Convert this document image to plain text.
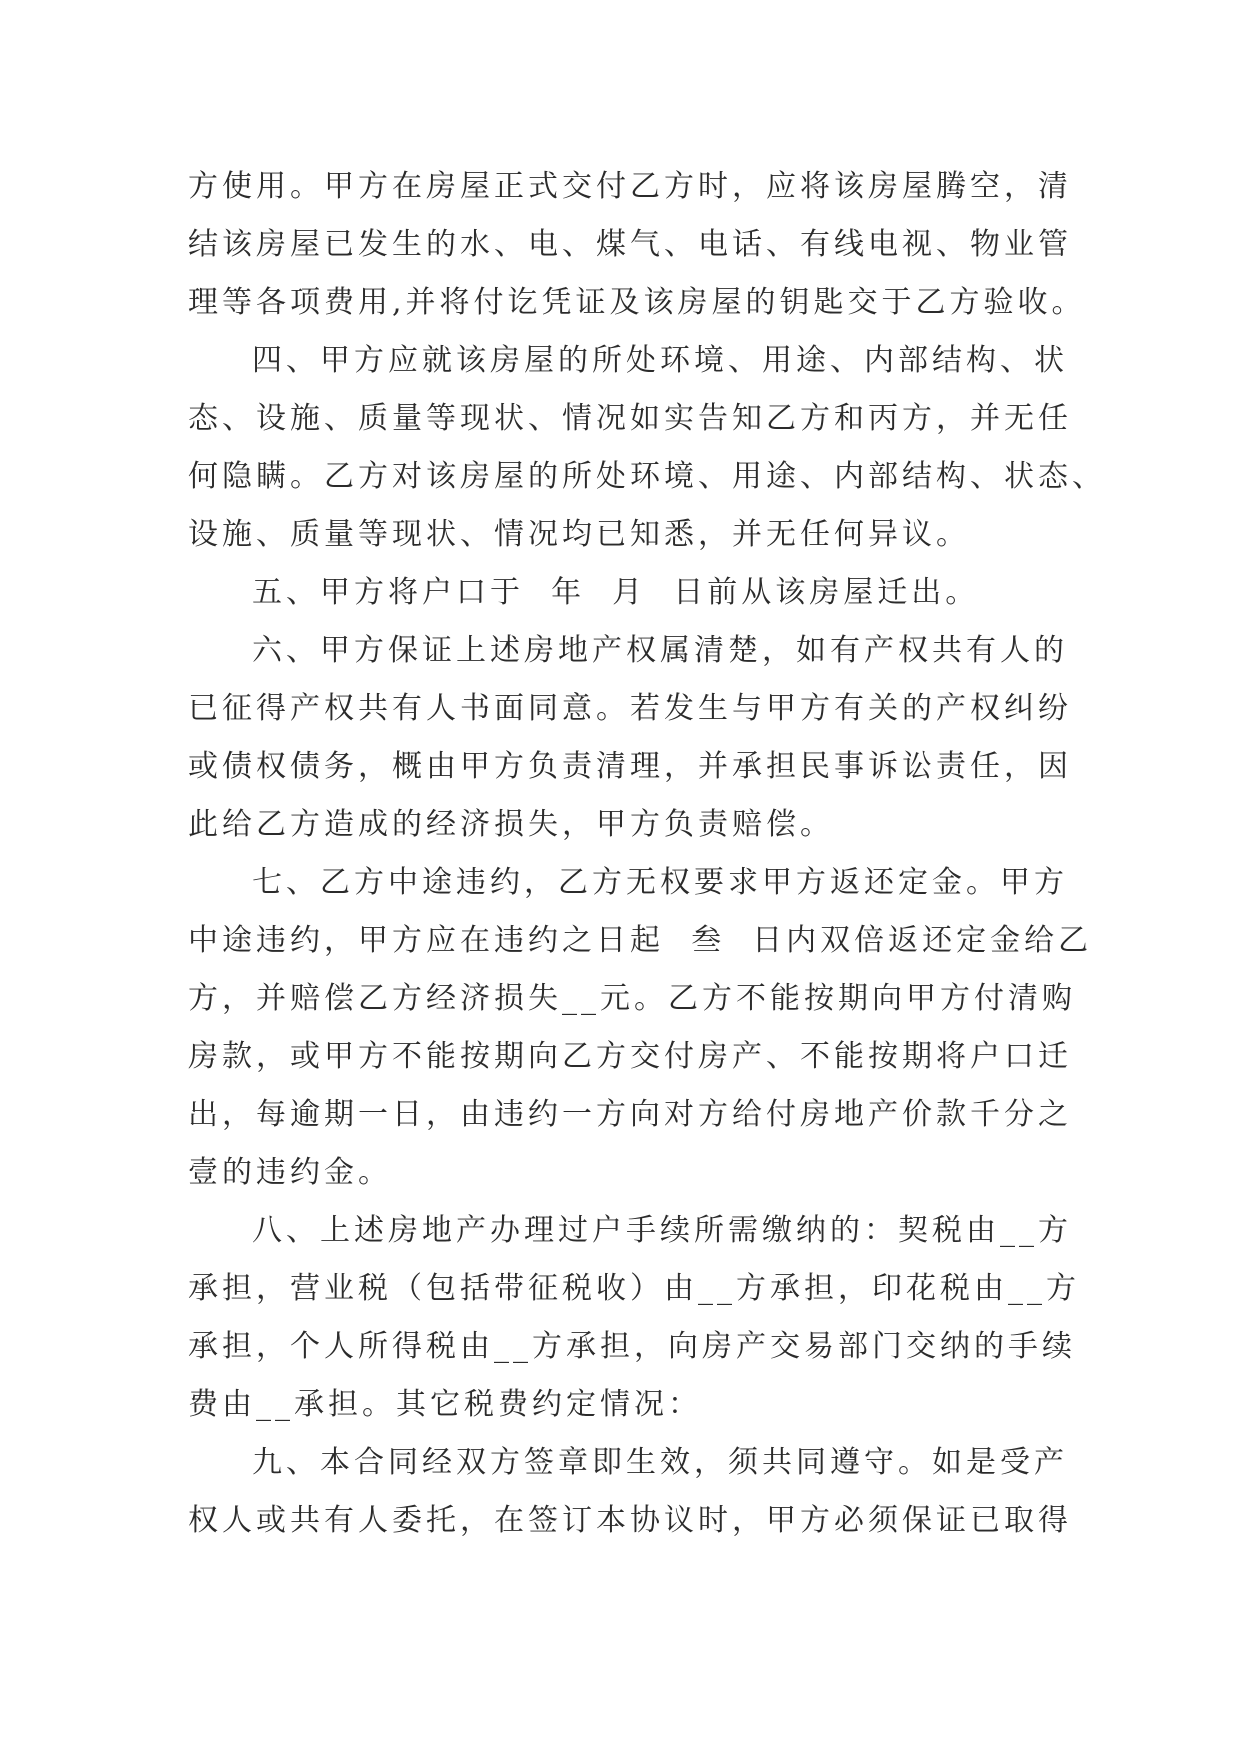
方使用。甲方在房屋正式交付乙方时，应将该房屋腾空，清
结该房屋已发生的水、电、煤气、电话、有线电视、物业管
理等各项费用,并将付讫凭证及该房屋的钥匙交于乙方验收。

四、甲方应就该房屋的所处环境、用途、内部结构、状
态、设施、质量等现状、情况如实告知乙方和丙方，并无任
何隐瞒。乙方对该房屋的所处环境、用途、内部结构、状态、
设施、质量等现状、情况均已知悉，并无任何异议。

五、甲方将户口于  年  月  日前从该房屋迁出。

六、甲方保证上述房地产权属清楚，如有产权共有人的
已征得产权共有人书面同意。若发生与甲方有关的产权纠纷
或债权债务，概由甲方负责清理，并承担民事诉讼责任，因
此给乙方造成的经济损失，甲方负责赔偿。

七、乙方中途违约，乙方无权要求甲方返还定金。甲方
中途违约，甲方应在违约之日起  叁  日内双倍返还定金给乙
方，并赔偿乙方经济损失__元。乙方不能按期向甲方付清购
房款，或甲方不能按期向乙方交付房产、不能按期将户口迁
出，每逾期一日，由违约一方向对方给付房地产价款千分之
壹的违约金。

八、上述房地产办理过户手续所需缴纳的：契税由__方
承担，营业税（包括带征税收）由__方承担，印花税由__方
承担，个人所得税由__方承担，向房产交易部门交纳的手续
费由__承担。其它税费约定情况：

九、本合同经双方签章即生效，须共同遵守。如是受产
权人或共有人委托，在签订本协议时，甲方必须保证已取得
